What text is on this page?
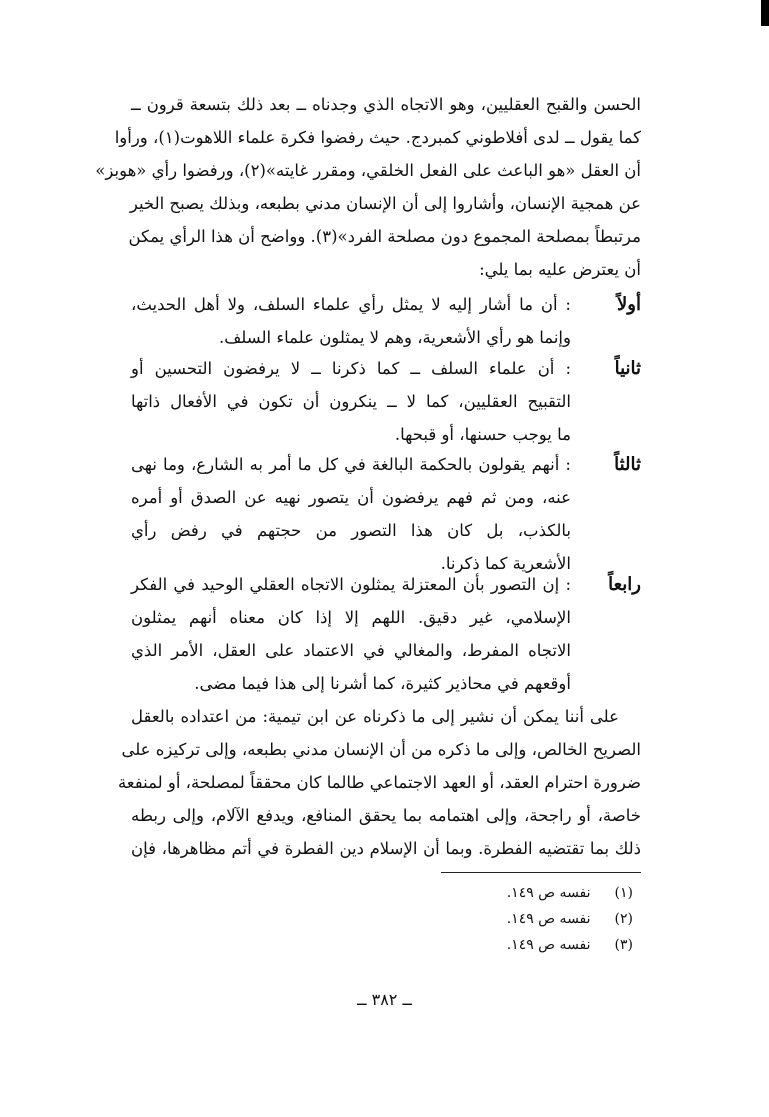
الحسن والقبح العقليين، وهو الاتجاه الذي وجدناه ــ بعد ذلك بتسعة قرون ــ
كما يقول ــ لدى أفلاطوني كمبردج. حيث رفضوا فكرة علماء اللاهوت(١)، ورأوا
أن العقل «هو الباعث على الفعل الخلقي، ومقرر غايته»(٢)، ورفضوا رأي «هوبز»
عن همجية الإنسان، وأشاروا إلى أن الإنسان مدني بطبعه، وبذلك يصبح الخير
مرتبطاً بمصلحة المجموع دون مصلحة الفرد»(٣). وواضح أن هذا الرأي يمكن
أن يعترض عليه بما يلي:
أولاً
: أن ما أشار إليه لا يمثل رأي علماء السلف، ولا أهل الحديث،
وإنما هو رأي الأشعرية، وهم لا يمثلون علماء السلف.
ثانياً
: أن علماء السلف ــ كما ذكرنا ــ لا يرفضون التحسين أو
التقبيح العقليين، كما لا ــ ينكرون أن تكون في الأفعال ذاتها
ما يوجب حسنها، أو قبحها.
ثالثاً
: أنهم يقولون بالحكمة البالغة في كل ما أمر به الشارع، وما نهى
عنه، ومن ثم فهم يرفضون أن يتصور نهيه عن الصدق أو أمره
بالكذب، بل كان هذا التصور من حجتهم في رفض رأي
الأشعرية كما ذكرنا.
رابعاً
: إن التصور بأن المعتزلة يمثلون الاتجاه العقلي الوحيد في الفكر
الإسلامي، غير دقيق. اللهم إلا إذا كان معناه أنهم يمثلون
الاتجاه المفرط، والمغالي في الاعتماد على العقل، الأمر الذي
أوقعهم في محاذير كثيرة، كما أشرنا إلى هذا فيما مضى.
على أننا يمكن أن نشير إلى ما ذكرناه عن ابن تيمية: من اعتداده بالعقل
الصريح الخالص، وإلى ما ذكره من أن الإنسان مدني بطبعه، وإلى تركيزه على
ضرورة احترام العقد، أو العهد الاجتماعي طالما كان محققاً لمصلحة، أو لمنفعة
خاصة، أو راجحة، وإلى اهتمامه بما يحقق المنافع، ويدفع الآلام، وإلى ربطه
ذلك بما تقتضيه الفطرة. وبما أن الإسلام دين الفطرة في أتم مظاهرها، فإن
(١) نفسه ص ١٤٩.
(٢) نفسه ص ١٤٩.
(٣) نفسه ص ١٤٩.
ــ ٣٨٢ ــ
